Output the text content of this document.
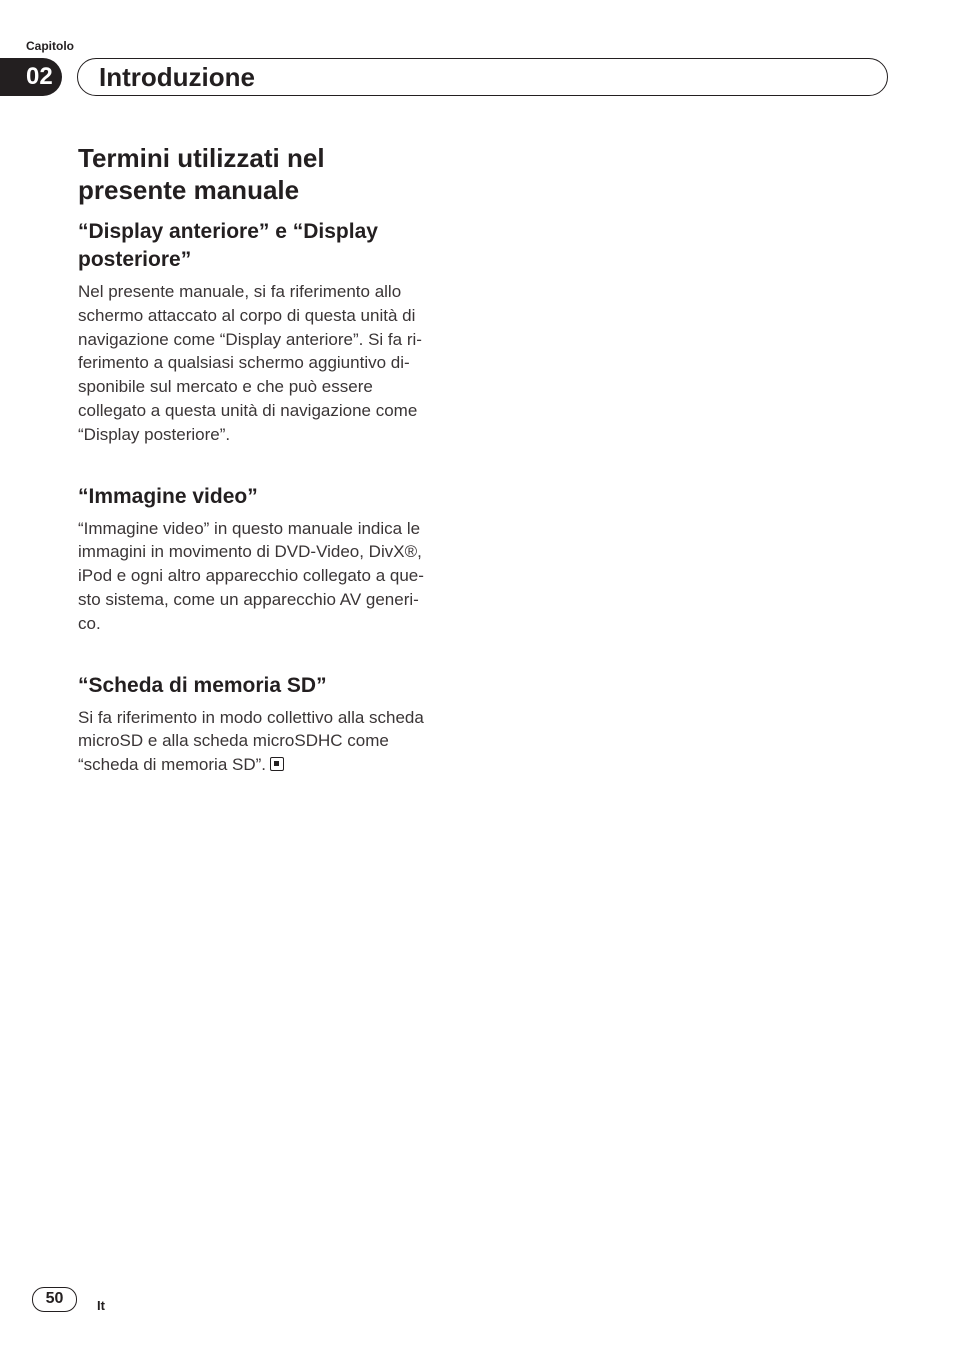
Capitolo
02	Introduzione
Termini utilizzati nel
presente manuale
“Display anteriore” e “Display
posteriore”

Nel presente manuale, si fa riferimento allo
schermo attaccato al corpo di questa unità di
navigazione come “Display anteriore”. Si fa ri-
ferimento a qualsiasi schermo aggiuntivo di-
sponibile sul mercato e che può essere
collegato a questa unità di navigazione come
“Display posteriore”.

“Immagine video”

“Immagine video” in questo manuale indica le
immagini in movimento di DVD-Video, DivX®,
iPod e ogni altro apparecchio collegato a que-
sto sistema, come un apparecchio AV generi-
co.

“Scheda di memoria SD”

Si fa riferimento in modo collettivo alla scheda
microSD e alla scheda microSDHC come
“scheda di memoria SD”.

50	It
